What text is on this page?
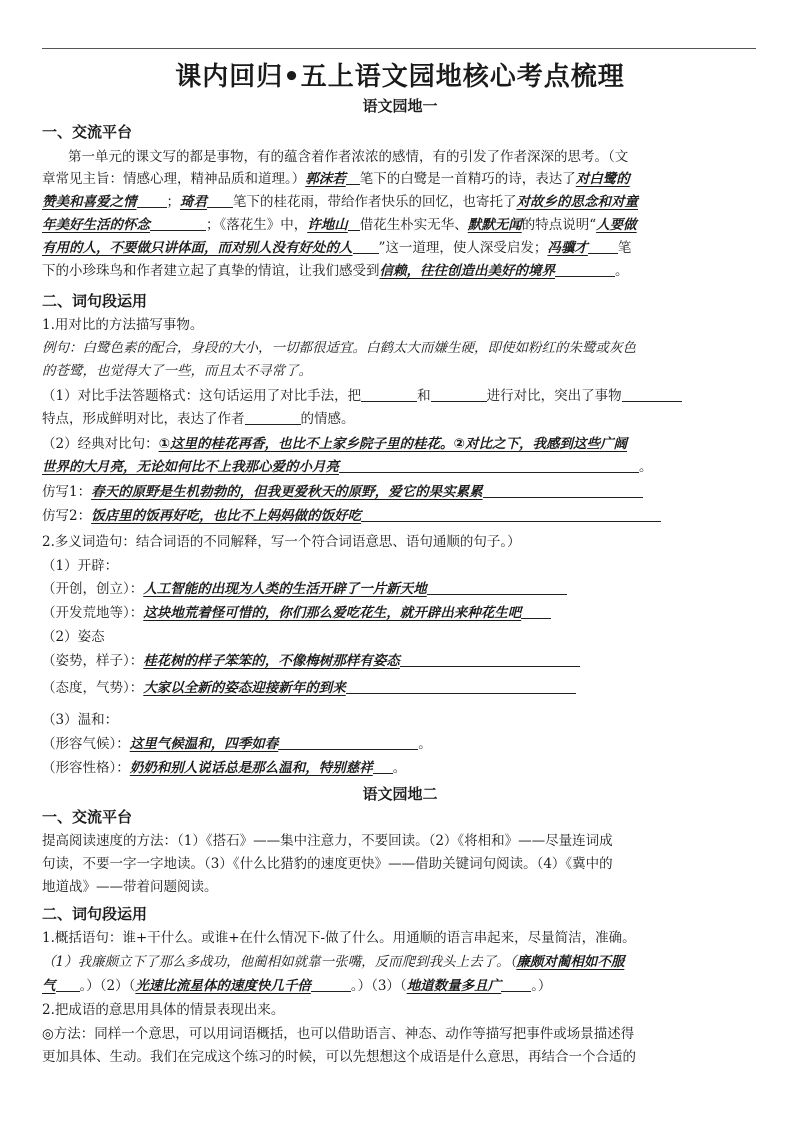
课内回归•五上语文园地核心考点梳理
语文园地一
一、交流平台
第一单元的课文写的都是事物，有的蕴含着作者浓浓的感情，有的引发了作者深深的思考。（文
章常见主旨：情感心理，精神品质和道理。）郭沫若 笔下的白鹭是一首精巧的诗，表达了对白鹭的
赞美和喜爱之情 ；琦君 笔下的桂花雨，带给作者快乐的回忆，也寄托了对故乡的思念和对童
年美好生活的怀念	；《落花生》中，许地山 借花生朴实无华、默默无闻的特点说明“人要做
有用的人，不要做只讲体面，而对别人没有好处的人 ”这一道理，使人深受启发；冯骥才 笔
下的小珍珠鸟和作者建立起了真挚的情谊，让我们感受到信赖，往往创造出美好的境界	。
二、词句段运用
1.用对比的方法描写事物。
例句：白鹭色素的配合，身段的大小，一切都很适宜。白鹤太大而嫌生硬，即使如粉红的朱鹭或灰色
的苍鹭，也觉得大了一些，而且太不寻常了。
（1）对比手法答题格式：这句话运用了对比手法，把	和	进行对比，突出了事物
特点，形成鲜明对比，表达了作者	的情感。
（2）经典对比句：①这里的桂花再香，也比不上家乡院子里的桂花。②对比之下，我感到这些广阔
世界的大月亮，无论如何比不上我那心爱的小月亮	。
仿写1：春天的原野是生机勃勃的，但我更爱秋天的原野，爱它的果实累累
仿写2：饭店里的饭再好吃，也比不上妈妈做的饭好吃
2.多义词造句：结合词语的不同解释，写一个符合词语意思、语句通顺的句子。）
（1）开辟：
（开创，创立）：人工智能的出现为人类的生活开辟了一片新天地
（开发荒地等）：这块地荒着怪可惜的，你们那么爱吃花生，就开辟出来种花生吧
（2）姿态
（姿势，样子）：桂花树的样子笨笨的，不像梅树那样有姿态
（态度，气势）：大家以全新的姿态迎接新年的到来
（3）温和：
（形容气候）：这里气候温和，四季如春	。
（形容性格）：奶奶和别人说话总是那么温和，特别慈祥 。
语文园地二
一、交流平台
提高阅读速度的方法：（1）《搭石》——集中注意力，不要回读。（2）《将相和》——尽量连词成
句读，不要一字一字地读。（3）《什么比猎豹的速度更快》——借助关键词句阅读。（4）《冀中的
地道战》——带着问题阅读。
二、词句段运用
1.概括语句：谁+干什么。或谁+在什么情况下-做了什么。用通顺的语言串起来，尽量简洁，准确。
（1）我廉颇立下了那么多战功，他蔺相如就靠一张嘴，反而爬到我头上去了。（廉颇对蔺相如不服
气 。）（2）（光速比流星体的速度快几千倍	。）（3）（地道数量多且广 。）
2.把成语的意思用具体的情景表现出来。
◎方法：同样一个意思，可以用词语概括，也可以借助语言、神态、动作等描写把事件或场景描述得
更加具体、生动。我们在完成这个练习的时候，可以先想想这个成语是什么意思，再结合一个合适的
